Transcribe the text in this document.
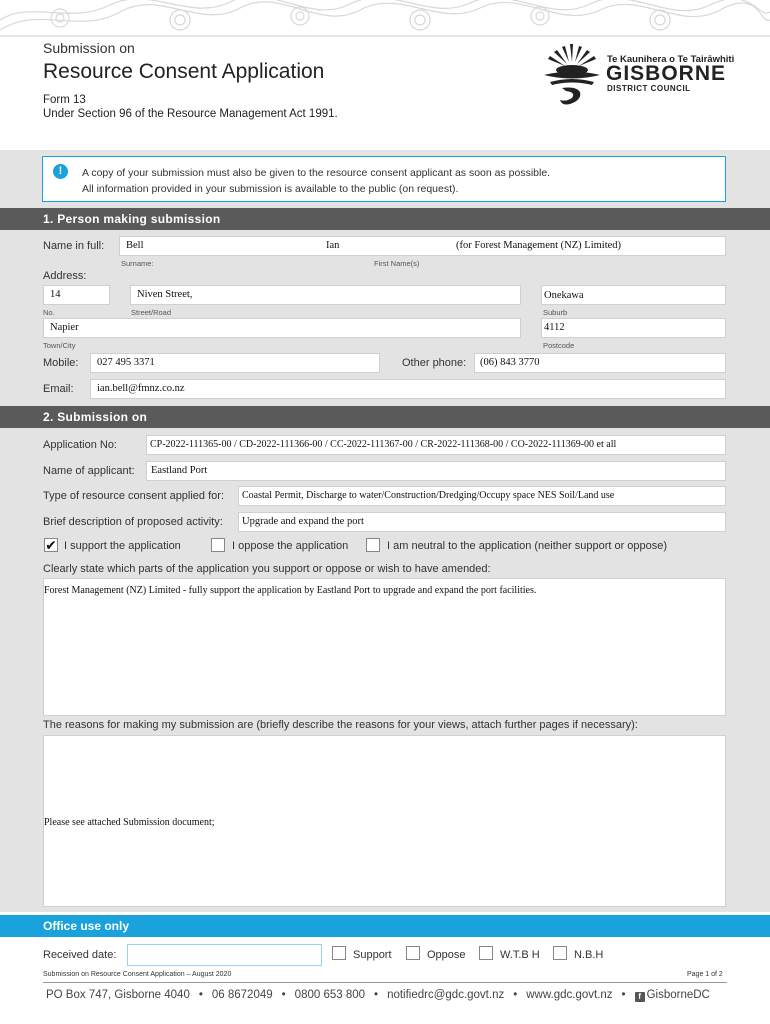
Submission on
Resource Consent Application
Form 13
Under Section 96 of the Resource Management Act 1991.
Te Kaunihera o Te Tairāwhiti
GISBORNE
DISTRICT COUNCIL
!	A copy of your submission must also be given to the resource consent applicant as soon as possible.
All information provided in your submission is available to the public (on request).
1. Person making submission
Name in full: Bell	Ian	(for Forest Management (NZ) Limited)
Surname:	First Name(s)
Address:
14	Niven Street,	Onekawa
No.	Street/Road	Suburb
Napier	4112
Town/City	Postcode
Mobile: 027 495 3371	Other phone: (06) 843 3770
Email: ian.bell@fmnz.co.nz
2. Submission on
Application No:	CP-2022-111365-00 / CD-2022-111366-00 / CC-2022-111367-00 / CR-2022-111368-00 / CO-2022-111369-00 et all
Name of applicant: Eastland Port
Type of resource consent applied for: Coastal Permit, Discharge to water/Construction/Dredging/Occupy space NES Soil/Land use
Brief description of proposed activity: Upgrade and expand the port
✔ I support the application	I oppose the application	I am neutral to the application (neither support or oppose)
Clearly state which parts of the application you support or oppose or wish to have amended:
Forest Management (NZ) Limited - fully support the application by Eastland Port to upgrade and expand the port facilities.
The reasons for making my submission are (briefly describe the reasons for your views, attach further pages if necessary):
Please see attached Submission document;
Office use only
Received date:	Support	Oppose	W.T.B H	N.B.H
Submission on Resource Consent Application – August 2020	Page 1 of 2
PO Box 747, Gisborne 4040 • 06 8672049 • 0800 653 800 • notifiedrc@gdc.govt.nz • www.gdc.govt.nz • f GisborneDC
